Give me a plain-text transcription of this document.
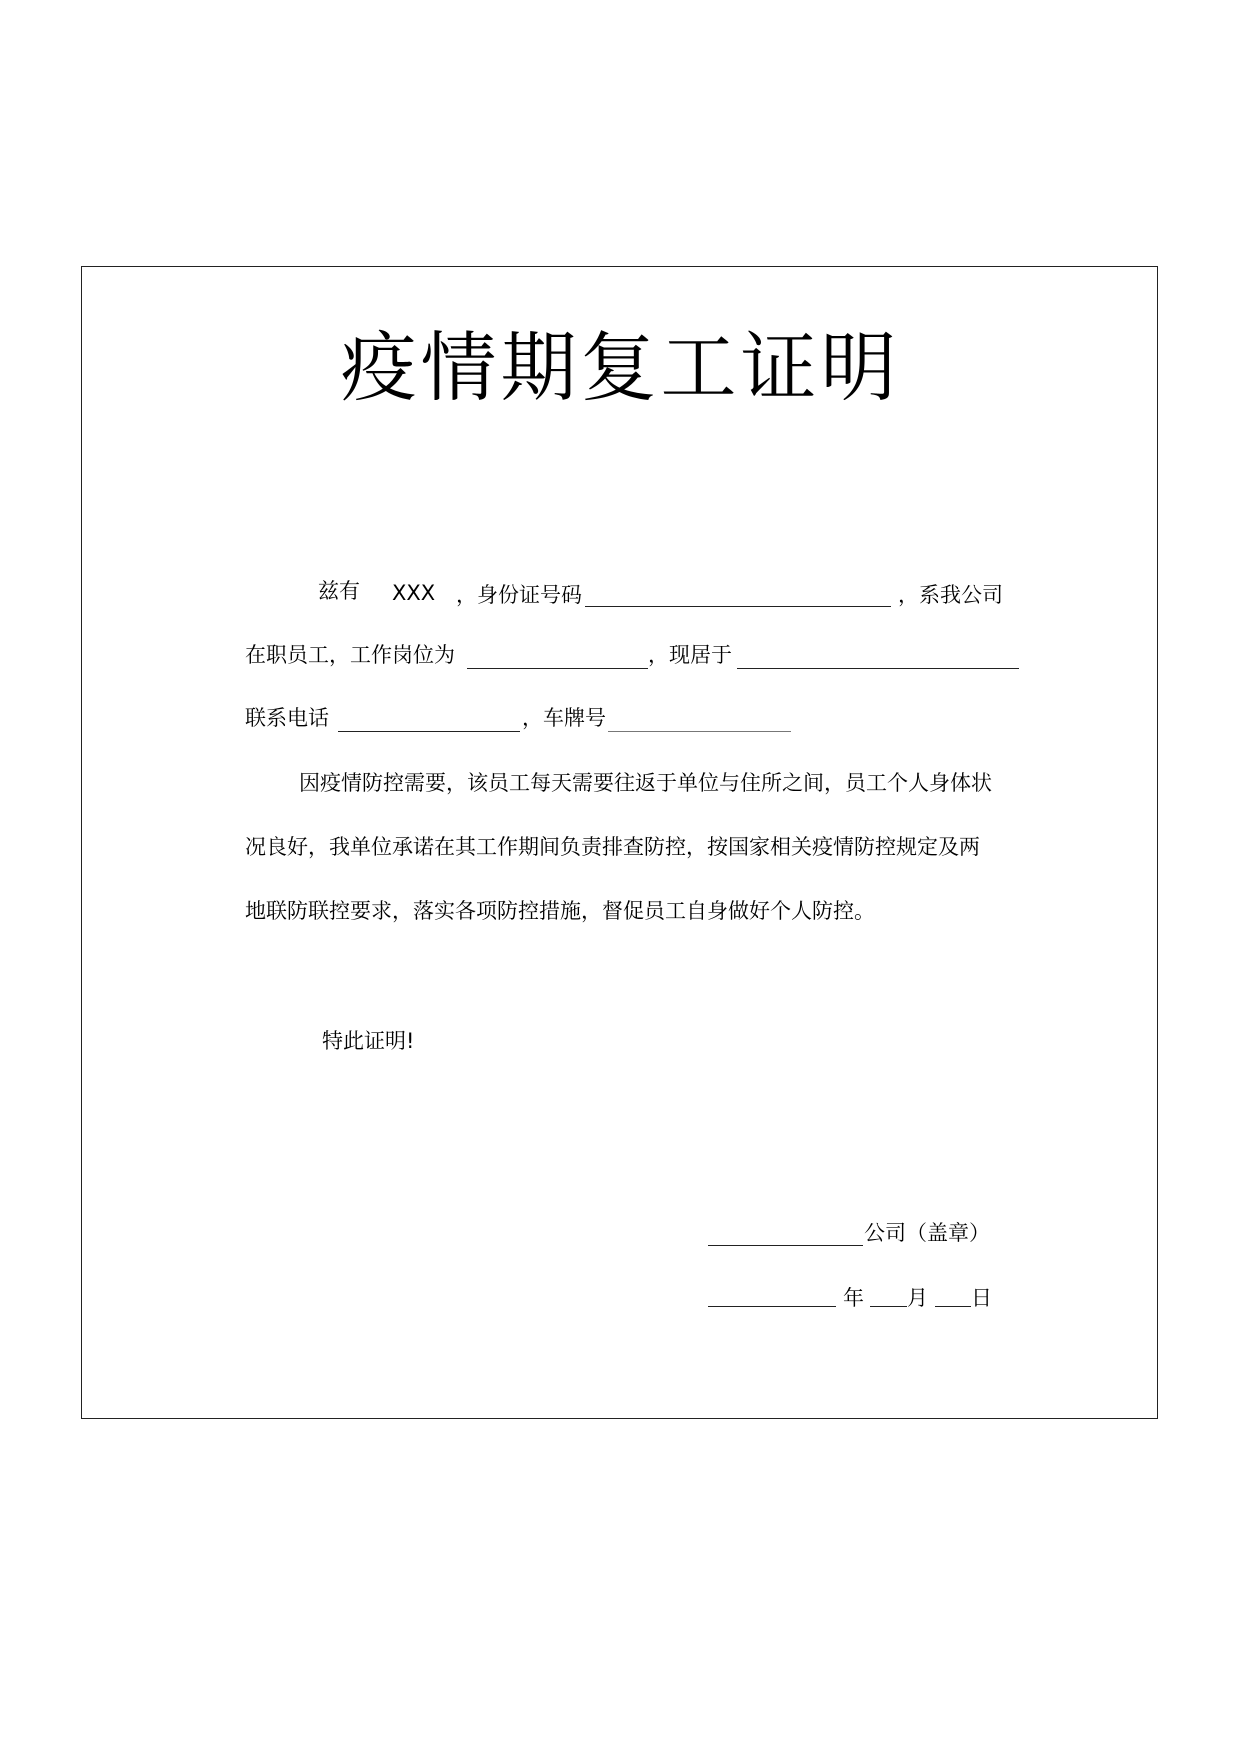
疫情期复工证明
兹有 XXX ，身份证号码	，系我公司
在职员工，工作岗位为	，现居于
联系电话	，车牌号
因疫情防控需要，该员工每天需要往返于单位与住所之间，员工个人身体状
况良好，我单位承诺在其工作期间负责排查防控，按国家相关疫情防控规定及两
地联防联控要求，落实各项防控措施，督促员工自身做好个人防控。
特此证明!
公司（盖章）
年 月 日
